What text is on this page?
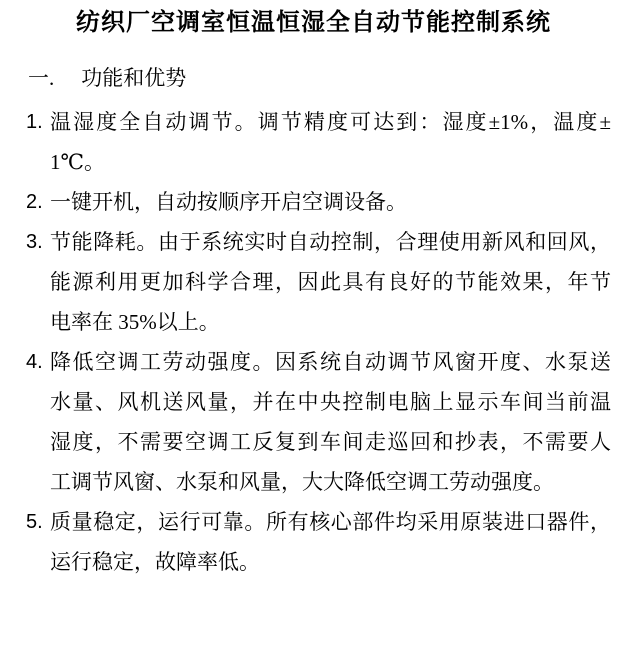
纺织厂空调室恒温恒湿全自动节能控制系统
一. 功能和优势
1. 温湿度全自动调节。调节精度可达到：湿度±1%，温度±
1℃。
2. 一键开机，自动按顺序开启空调设备。
3. 节能降耗。由于系统实时自动控制，合理使用新风和回风，
能源利用更加科学合理，因此具有良好的节能效果，年节
电率在 35%以上。
4. 降低空调工劳动强度。因系统自动调节风窗开度、水泵送
水量、风机送风量，并在中央控制电脑上显示车间当前温
湿度，不需要空调工反复到车间走巡回和抄表，不需要人
工调节风窗、水泵和风量，大大降低空调工劳动强度。
5. 质量稳定，运行可靠。所有核心部件均采用原装进口器件，
运行稳定，故障率低。
